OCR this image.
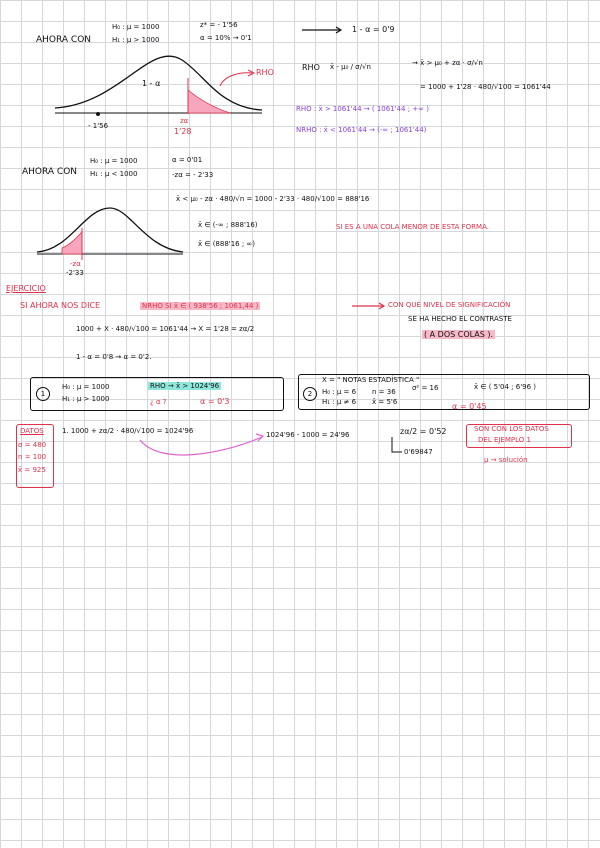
AHORA CON
H₀ : μ = 1000
H₁ : μ > 1000
z* = - 1'56
α = 10% → 0'1
1 - α = 0'9
1 - α
RHO
- 1'56
zα
1'28
RHO x̄ - μ₀ / σ/√n	→ x̄ > μ₀ + zα · σ/√n
= 1000 + 1'28 · 480/√100 = 1061'44
RHO : x̄ > 1061'44 → ( 1061'44 ; +∞ )
NRHO : x̄ < 1061'44 → (-∞ ; 1061'44)
AHORA CON
H₀ : μ = 1000
H₁ : μ < 1000
α = 0'01
-zα = - 2'33
x̄ < μ₀ - zα · 480/√n = 1000 - 2'33 · 480/√100 = 888'16
x̄ ∈ (-∞ ; 888'16)
x̄ ∈ (888'16 ; ∞)
SI ES A UNA COLA MENOR DE ESTA FORMA.
-zα
-2'33
EJERCICIO
SI AHORA NOS DICE	NRHO SI x̄ ∈ ( 938'56 ; 1061,44 )	CON QUÉ NIVEL DE SIGNIFICACIÓN
SE HA HECHO EL CONTRASTE
( A DOS COLAS ).
1000 + X · 480/√100 = 1061'44 → X = 1'28 = zα/2
1 - α = 0'8 → α = 0'2.
1
H₀ : μ = 1000
H₁ : μ > 1000
RHO → x̄ > 1024'96
¿ α ?	α = 0'3
2
X = " NOTAS ESTADÍSTICA "
H₀ : μ = 6
H₁ : μ ≠ 6
n = 36
x̄ = 5'6
σ² = 16	x̄ ∈ ( 5'04 ; 6'96 )
α = 0'45
DATOS
σ = 480
n = 100
x̄ = 925
1. 1000 + zα/2 · 480/√100 = 1024'96	1024'96 - 1000 = 24'96	zα/2 = 0'52
0'69847
SON CON LOS DATOS
DEL EJEMPLO 1
μ → solución
